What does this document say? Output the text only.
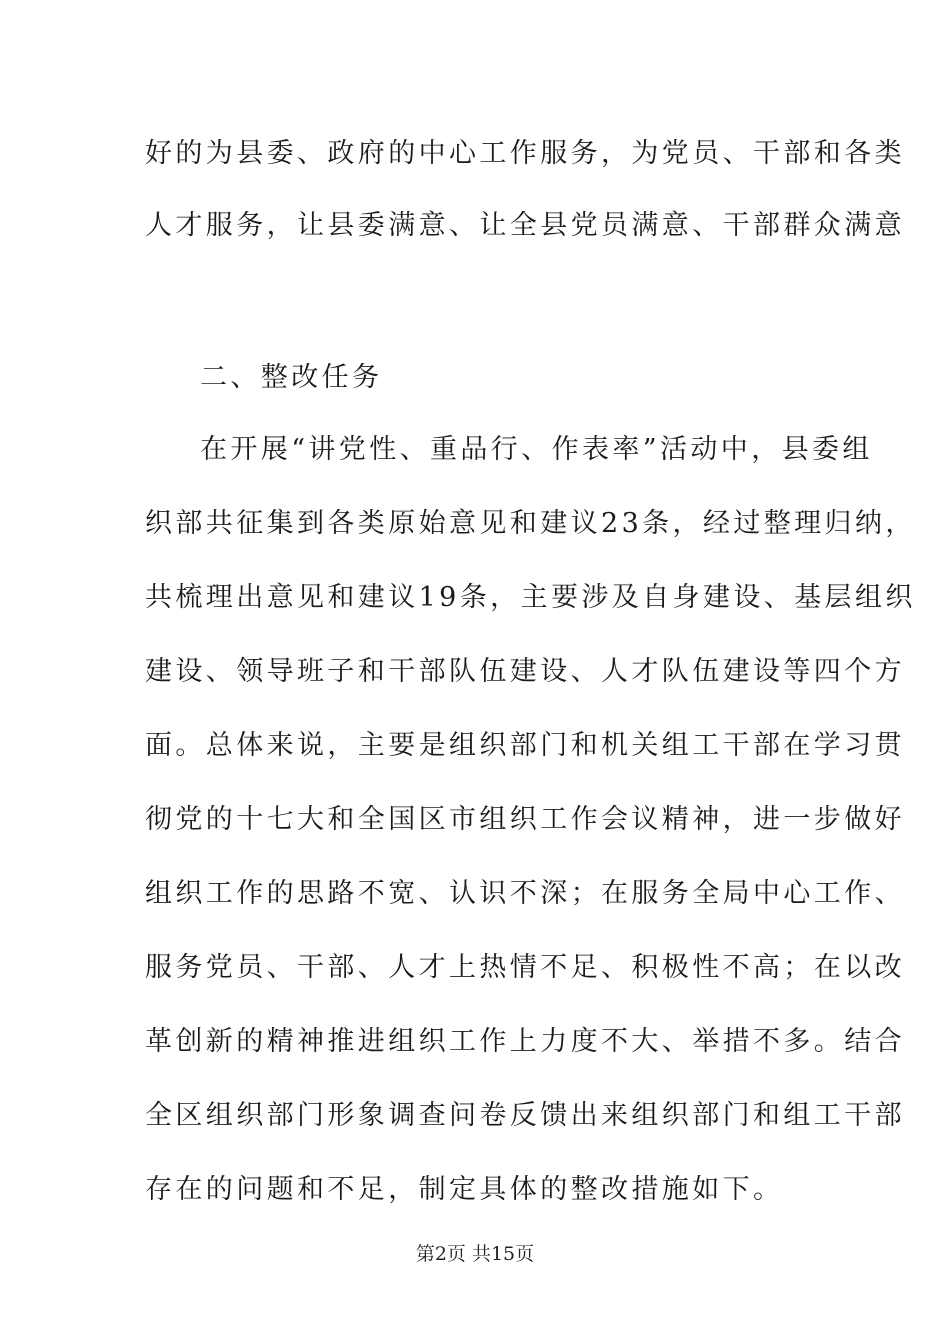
好的为县委、政府的中心工作服务，为党员、干部和各类
人才服务，让县委满意、让全县党员满意、干部群众满意
二、整改任务
在开展“讲党性、重品行、作表率”活动中，县委组
织部共征集到各类原始意见和建议23条，经过整理归纳，
共梳理出意见和建议19条，主要涉及自身建设、基层组织
建设、领导班子和干部队伍建设、人才队伍建设等四个方
面。总体来说，主要是组织部门和机关组工干部在学习贯
彻党的十七大和全国区市组织工作会议精神，进一步做好
组织工作的思路不宽、认识不深；在服务全局中心工作、
服务党员、干部、人才上热情不足、积极性不高；在以改
革创新的精神推进组织工作上力度不大、举措不多。结合
全区组织部门形象调查问卷反馈出来组织部门和组工干部
存在的问题和不足，制定具体的整改措施如下。
第2页 共15页
